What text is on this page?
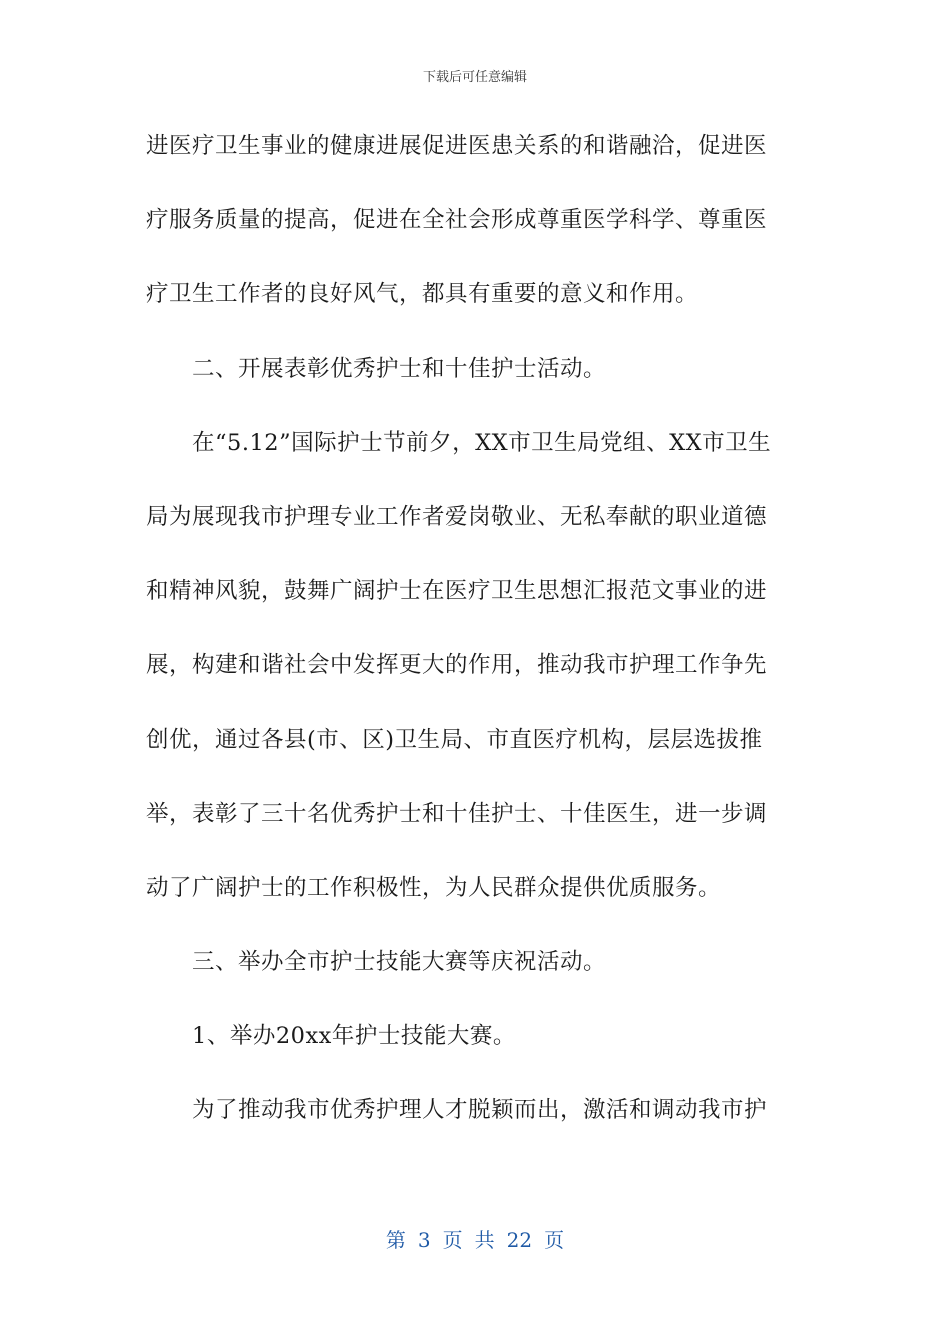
下载后可任意编辑
进医疗卫生事业的健康进展促进医患关系的和谐融洽，促进医
疗服务质量的提高，促进在全社会形成尊重医学科学、尊重医
疗卫生工作者的良好风气，都具有重要的意义和作用。
二、开展表彰优秀护士和十佳护士活动。
在“5.12”国际护士节前夕，XX市卫生局党组、XX市卫生
局为展现我市护理专业工作者爱岗敬业、无私奉献的职业道德
和精神风貌，鼓舞广阔护士在医疗卫生思想汇报范文事业的进
展，构建和谐社会中发挥更大的作用，推动我市护理工作争先
创优，通过各县(市、区)卫生局、市直医疗机构，层层选拔推
举，表彰了三十名优秀护士和十佳护士、十佳医生，进一步调
动了广阔护士的工作积极性，为人民群众提供优质服务。
三、举办全市护士技能大赛等庆祝活动。
1、举办20xx年护士技能大赛。
为了推动我市优秀护理人才脱颖而出，激活和调动我市护
第 3 页 共 22 页
